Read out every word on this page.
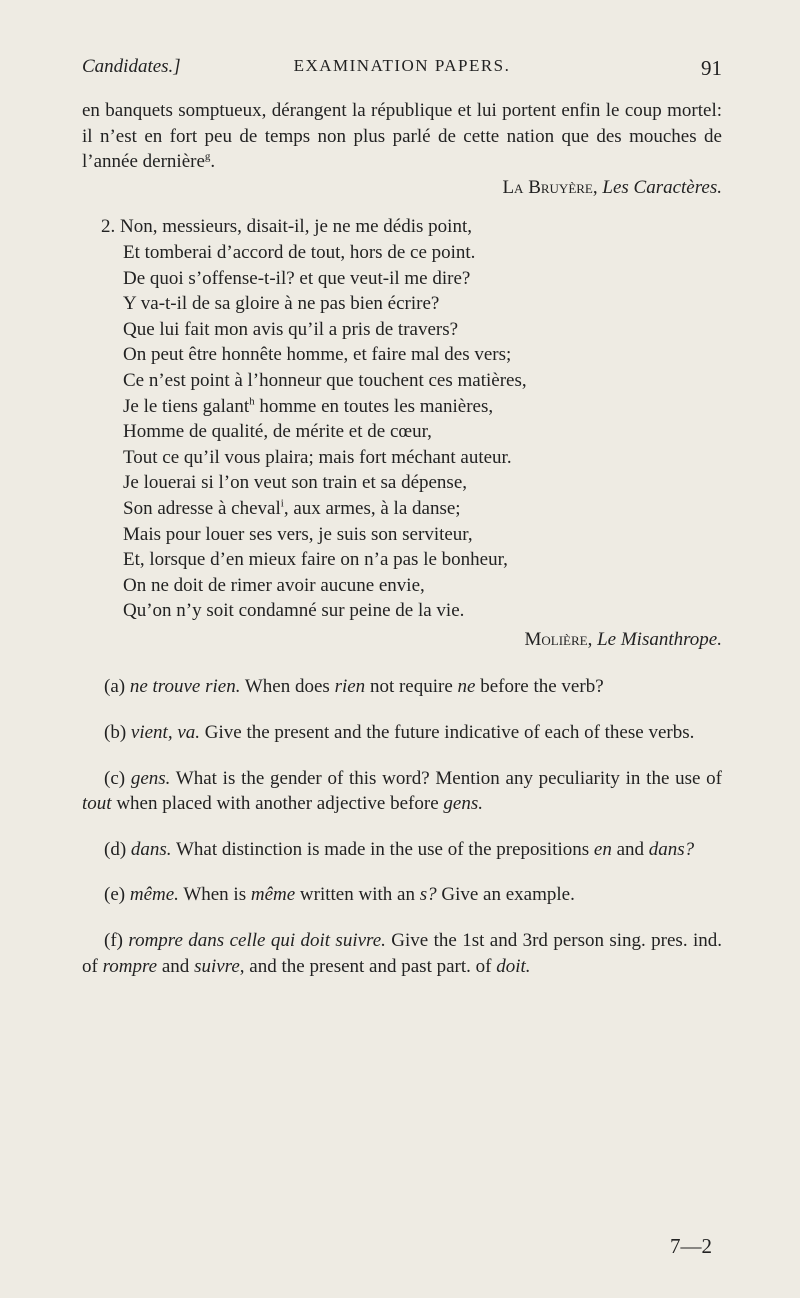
Candidates.]	EXAMINATION PAPERS.	91

en banquets somptueux, dérangent la république et lui portent enfin le coup mortel: il n’est en fort peu de temps non plus parlé de cette nation que des mouches de l’année dernière$^g$.

La Bruyère, Les Caractères.

2. Non, messieurs, disait-il, je ne me dédis point,
Et tomberai d’accord de tout, hors de ce point.
De quoi s’offense-t-il? et que veut-il me dire?
Y va-t-il de sa gloire à ne pas bien écrire?
Que lui fait mon avis qu’il a pris de travers?
On peut être honnête homme, et faire mal des vers;
Ce n’est point à l’honneur que touchent ces matières,
Je le tiens galant$^h$ homme en toutes les manières,
Homme de qualité, de mérite et de cœur,
Tout ce qu’il vous plaira; mais fort méchant auteur.
Je louerai si l’on veut son train et sa dépense,
Son adresse à cheval$^i$, aux armes, à la danse;
Mais pour louer ses vers, je suis son serviteur,
Et, lorsque d’en mieux faire on n’a pas le bonheur,
On ne doit de rimer avoir aucune envie,
Qu’on n’y soit condamné sur peine de la vie.

Molière, Le Misanthrope.

(a) ne trouve rien. When does rien not require ne before the verb?

(b) vient, va. Give the present and the future indicative of each of these verbs.

(c) gens. What is the gender of this word? Mention any peculiarity in the use of tout when placed with another adjective before gens.

(d) dans. What distinction is made in the use of the prepositions en and dans?

(e) même. When is même written with an s? Give an example.

(f) rompre dans celle qui doit suivre. Give the 1st and 3rd person sing. pres. ind. of rompre and suivre, and the present and past part. of doit.

7—2
